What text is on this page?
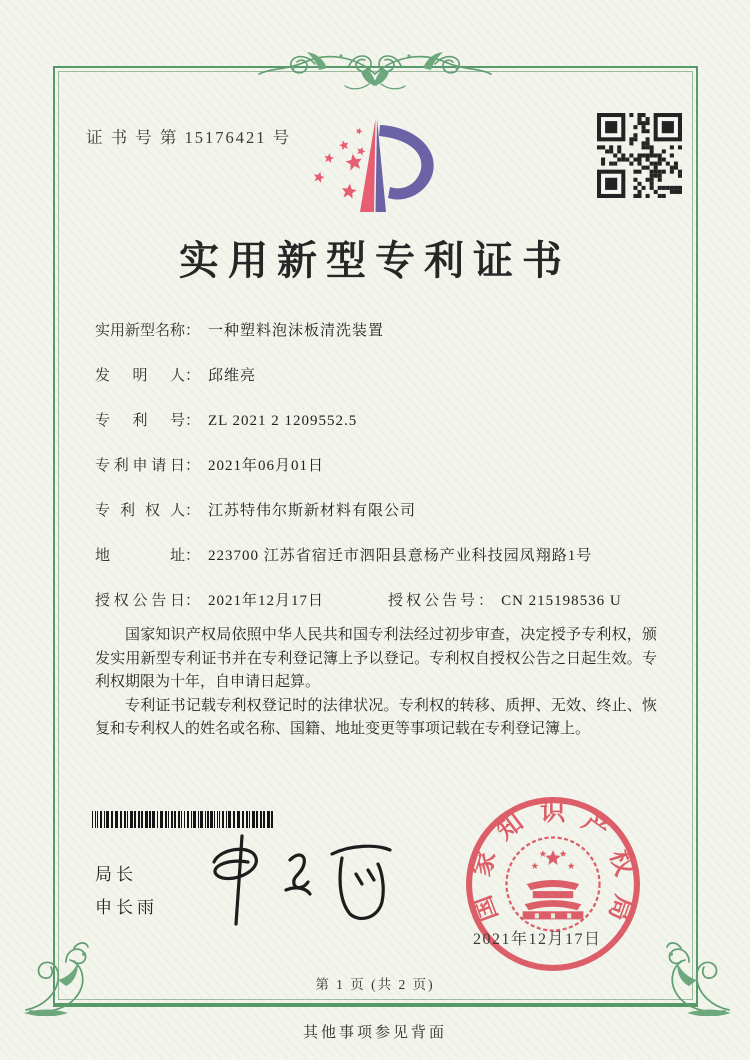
证 书 号 第 15176421 号
实用新型专利证书
实用新型名称 ： 一种塑料泡沫板清洗装置
发明人 ： 邱维亮
专利号 ： ZL 2021 2 1209552.5
专利申请日 ： 2021年06月01日
专利权人 ： 江苏特伟尔斯新材料有限公司
地址 ： 223700 江苏省宿迁市泗阳县意杨产业科技园凤翔路1号
授权公告日 ： 2021年12月17日	授权公告号 ： CN 215198536 U

国家知识产权局依照中华人民共和国专利法经过初步审查，决定授予专利权，颁发实用新型专利证书并在专利登记簿上予以登记。专利权自授权公告之日起生效。专利权期限为十年，自申请日起算。

专利证书记载专利权登记时的法律状况。专利权的转移、质押、无效、终止、恢复和专利权人的姓名或名称、国籍、地址变更等事项记载在专利登记簿上。

局长
申长雨	国家知识产权局
2021年12月17日
第 1 页 (共 2 页)
其他事项参见背面
